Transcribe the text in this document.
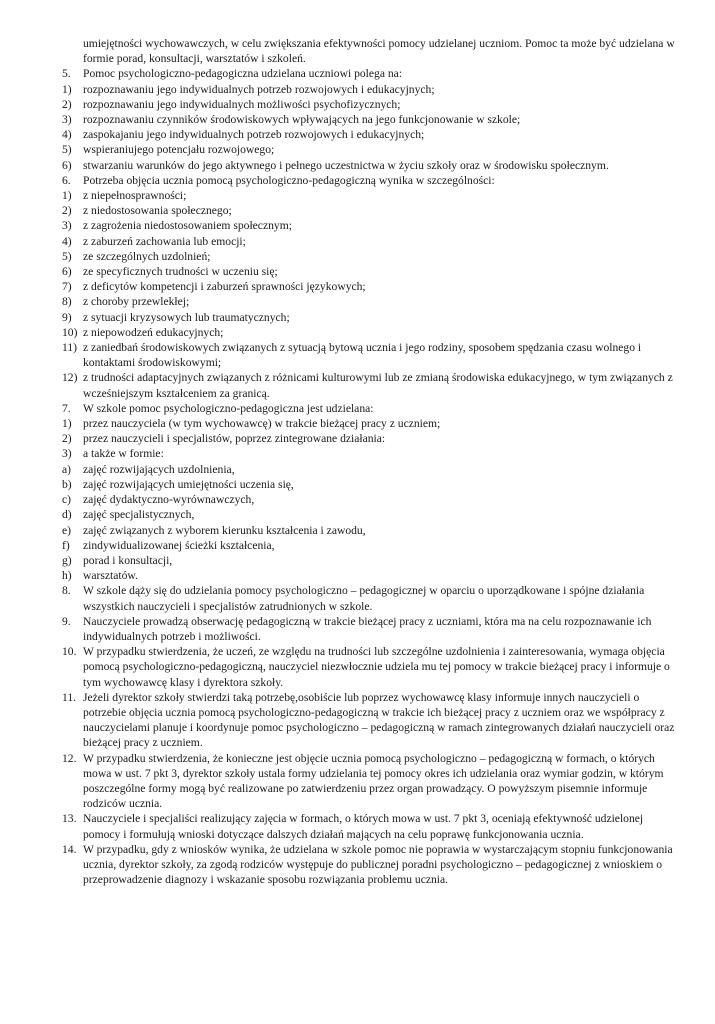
umiejętności wychowawczych, w celu zwiększania efektywności pomocy udzielanej uczniom. Pomoc ta może być udzielana w formie porad, konsultacji, warsztatów i szkoleń.
5. Pomoc psychologiczno-pedagogiczna udzielana uczniowi polega na:
1) rozpoznawaniu jego indywidualnych potrzeb rozwojowych i edukacyjnych;
2) rozpoznawaniu jego indywidualnych możliwości psychofizycznych;
3) rozpoznawaniu czynników środowiskowych wpływających na jego funkcjonowanie w szkole;
4) zaspokajaniu jego indywidualnych potrzeb rozwojowych i edukacyjnych;
5) wspieraniujego potencjału rozwojowego;
6) stwarzaniu warunków do jego aktywnego i pełnego uczestnictwa w życiu szkoły oraz w środowisku społecznym.
6. Potrzeba objęcia ucznia pomocą psychologiczno-pedagogiczną wynika w szczególności:
1) z niepełnosprawności;
2) z niedostosowania społecznego;
3) z zagrożenia niedostosowaniem społecznym;
4) z zaburzeń zachowania lub emocji;
5) ze szczególnych uzdolnień;
6) ze specyficznych trudności w uczeniu się;
7) z deficytów kompetencji i zaburzeń sprawności językowych;
8) z choroby przewlekłej;
9) z sytuacji kryzysowych lub traumatycznych;
10) z niepowodzeń edukacyjnych;
11) z zaniedbań środowiskowych związanych z sytuacją bytową ucznia i jego rodziny, sposobem spędzania czasu wolnego i kontaktami środowiskowymi;
12) z trudności adaptacyjnych związanych z różnicami kulturowymi lub ze zmianą środowiska edukacyjnego, w tym związanych z wcześniejszym kształceniem za granicą.
7. W szkole pomoc psychologiczno-pedagogiczna jest udzielana:
1) przez nauczyciela (w tym wychowawcę) w trakcie bieżącej pracy z uczniem;
2) przez nauczycieli i specjalistów, poprzez zintegrowane działania:
3) a także w formie:
a) zajęć rozwijających uzdolnienia,
b) zajęć rozwijających umiejętności uczenia się,
c) zajęć dydaktyczno-wyrównawczych,
d) zajęć specjalistycznych,
e) zajęć związanych z wyborem kierunku kształcenia i zawodu,
f) zindywidualizowanej ścieżki kształcenia,
g) porad i konsultacji,
h) warsztatów.
8. W szkole dąży się do udzielania pomocy psychologiczno – pedagogicznej w oparciu o uporządkowane i spójne działania wszystkich nauczycieli i specjalistów zatrudnionych w szkole.
9. Nauczyciele prowadzą obserwację pedagogiczną w trakcie bieżącej pracy z uczniami, która ma na celu rozpoznawanie ich indywidualnych potrzeb i możliwości.
10. W przypadku stwierdzenia, że uczeń, ze względu na trudności lub szczególne uzdolnienia i zainteresowania, wymaga objęcia pomocą psychologiczno-pedagogiczną, nauczyciel niezwłocznie udziela mu tej pomocy w trakcie bieżącej pracy i informuje o tym wychowawcę klasy i dyrektora szkoły.
11. Jeżeli dyrektor szkoły stwierdzi taką potrzebę,osobiście lub poprzez wychowawcę klasy informuje innych nauczycieli o potrzebie objęcia ucznia pomocą psychologiczno-pedagogiczną w trakcie ich bieżącej pracy z uczniem oraz we współpracy z nauczycielami planuje i koordynuje pomoc psychologiczno – pedagogiczną w ramach zintegrowanych działań nauczycieli oraz bieżącej pracy z uczniem.
12. W przypadku stwierdzenia, że konieczne jest objęcie ucznia pomocą psychologiczno – pedagogiczną w formach, o których mowa w ust. 7 pkt 3, dyrektor szkoły ustala formy udzielania tej pomocy okres ich udzielania oraz wymiar godzin, w którym poszczególne formy mogą być realizowane po zatwierdzeniu przez organ prowadzący. O powyższym pisemnie informuje rodziców ucznia.
13. Nauczyciele i specjaliści realizujący zajęcia w formach, o których mowa w ust. 7 pkt 3, oceniają efektywność udzielonej pomocy i formułują wnioski dotyczące dalszych działań mających na celu poprawę funkcjonowania ucznia.
14. W przypadku, gdy z wniosków wynika, że udzielana w szkole pomoc nie poprawia w wystarczającym stopniu funkcjonowania ucznia, dyrektor szkoły, za zgodą rodziców występuje do publicznej poradni psychologiczno – pedagogicznej z wnioskiem o przeprowadzenie diagnozy i wskazanie sposobu rozwiązania problemu ucznia.
